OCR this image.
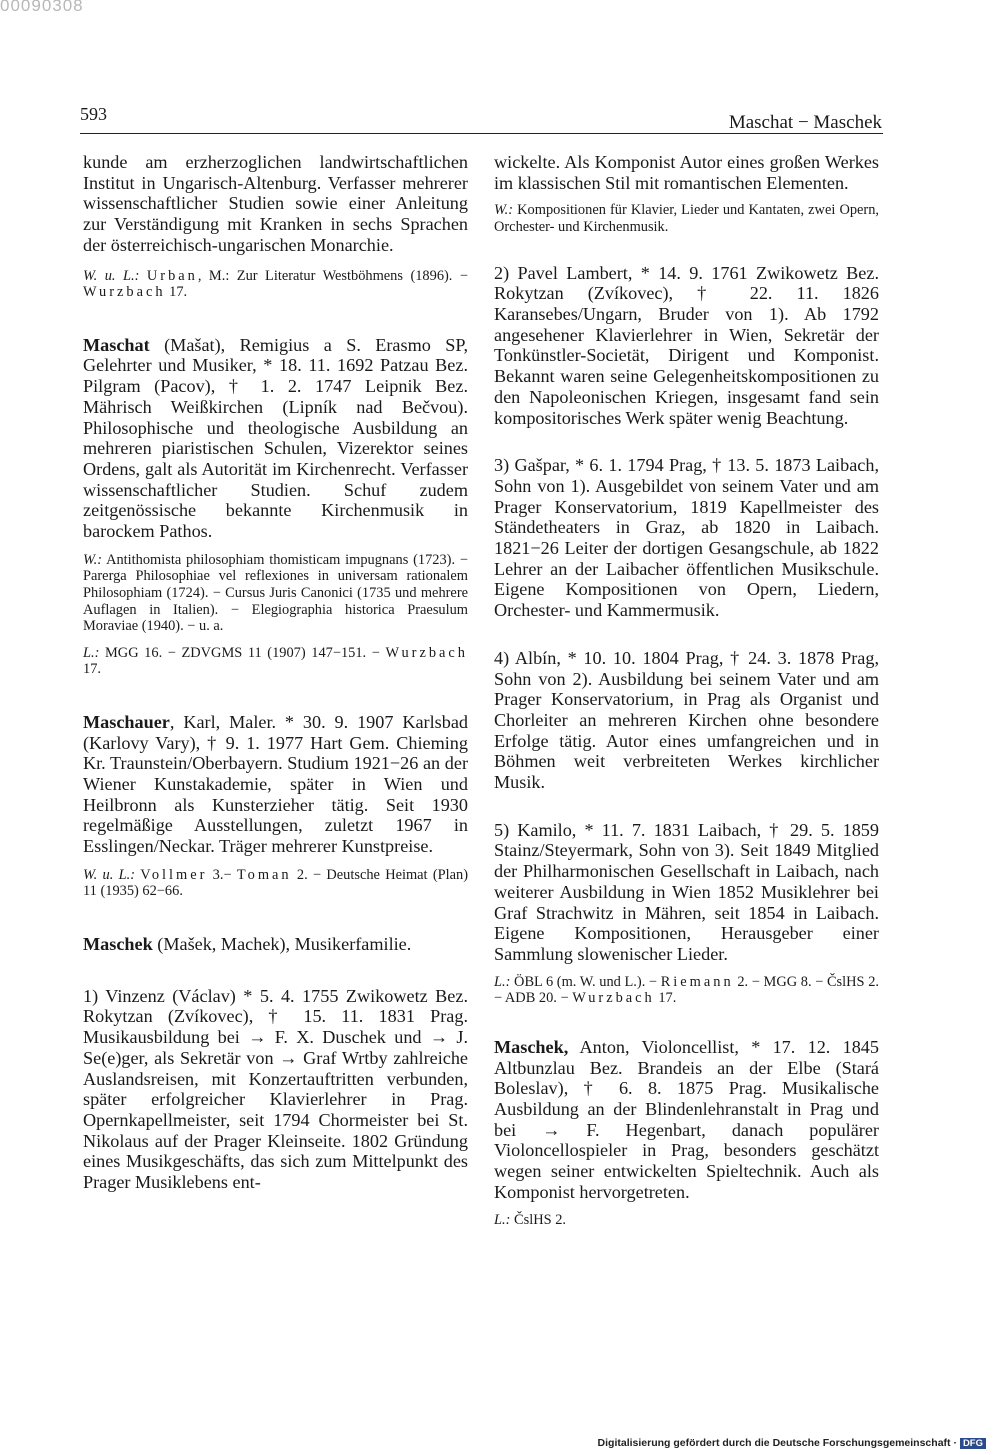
00090308
593	Maschat − Maschek

kunde am erzherzoglichen landwirtschaftlichen Institut in Ungarisch-Altenburg. Verfasser mehrerer wissenschaftlicher Studien sowie einer Anleitung zur Verständigung mit Kranken in sechs Sprachen der österreichisch-ungarischen Monarchie.

W. u. L.: Urban, M.: Zur Literatur Westböhmens (1896). − Wurzbach 17.

Maschat (Mašat), Remigius a S. Erasmo SP, Gelehrter und Musiker, * 18. 11. 1692 Patzau Bez. Pilgram (Pacov), † 1. 2. 1747 Leipnik Bez. Mährisch Weißkirchen (Lipník nad Bečvou). Philosophische und theologische Ausbildung an mehreren piaristischen Schulen, Vizerektor seines Ordens, galt als Autorität im Kirchenrecht. Verfasser wissenschaftlicher Studien. Schuf zudem zeitgenössische bekannte Kirchenmusik in barockem Pathos.

W.: Antithomista philosophiam thomisticam impugnans (1723). − Parerga Philosophiae vel reflexiones in universam rationalem Philosophiam (1724). − Cursus Juris Canonici (1735 und mehrere Auflagen in Italien). − Elegiographia historica Praesulum Moraviae (1940). − u. a.

L.: MGG 16. − ZDVGMS 11 (1907) 147−151. − Wurzbach 17.

Maschauer, Karl, Maler. * 30. 9. 1907 Karlsbad (Karlovy Vary), † 9. 1. 1977 Hart Gem. Chieming Kr. Traunstein/Oberbayern. Studium 1921−26 an der Wiener Kunstakademie, später in Wien und Heilbronn als Kunsterzieher tätig. Seit 1930 regelmäßige Ausstellungen, zuletzt 1967 in Esslingen/Neckar. Träger mehrerer Kunstpreise.

W. u. L.: Vollmer 3.− Toman 2. − Deutsche Heimat (Plan) 11 (1935) 62−66.

Maschek (Mašek, Machek), Musikerfamilie.

1) Vinzenz (Václav) * 5. 4. 1755 Zwikowetz Bez. Rokytzan (Zvíkovec), † 15. 11. 1831 Prag. Musikausbildung bei → F. X. Duschek und → J. Se(e)ger, als Sekretär von → Graf Wrtby zahlreiche Auslandsreisen, mit Konzertauftritten verbunden, später erfolgreicher Klavierlehrer in Prag. Opernkapellmeister, seit 1794 Chormeister bei St. Nikolaus auf der Prager Kleinseite. 1802 Gründung eines Musikgeschäfts, das sich zum Mittelpunkt des Prager Musiklebens ent-

wickelte. Als Komponist Autor eines großen Werkes im klassischen Stil mit romantischen Elementen.

W.: Kompositionen für Klavier, Lieder und Kantaten, zwei Opern, Orchester- und Kirchenmusik.

2) Pavel Lambert, * 14. 9. 1761 Zwikowetz Bez. Rokytzan (Zvíkovec), † 22. 11. 1826 Karansebes/Ungarn, Bruder von 1). Ab 1792 angesehener Klavierlehrer in Wien, Sekretär der Tonkünstler-Societät, Dirigent und Komponist. Bekannt waren seine Gelegenheitskompositionen zu den Napoleonischen Kriegen, insgesamt fand sein kompositorisches Werk später wenig Beachtung.

3) Gašpar, * 6. 1. 1794 Prag, † 13. 5. 1873 Laibach, Sohn von 1). Ausgebildet von seinem Vater und am Prager Konservatorium, 1819 Kapellmeister des Ständetheaters in Graz, ab 1820 in Laibach. 1821−26 Leiter der dortigen Gesangschule, ab 1822 Lehrer an der Laibacher öffentlichen Musikschule. Eigene Kompositionen von Opern, Liedern, Orchester- und Kammermusik.

4) Albín, * 10. 10. 1804 Prag, † 24. 3. 1878 Prag, Sohn von 2). Ausbildung bei seinem Vater und am Prager Konservatorium, in Prag als Organist und Chorleiter an mehreren Kirchen ohne besondere Erfolge tätig. Autor eines umfangreichen und in Böhmen weit verbreiteten Werkes kirchlicher Musik.

5) Kamilo, * 11. 7. 1831 Laibach, † 29. 5. 1859 Stainz/Steyermark, Sohn von 3). Seit 1849 Mitglied der Philharmonischen Gesellschaft in Laibach, nach weiterer Ausbildung in Wien 1852 Musiklehrer bei Graf Strachwitz in Mähren, seit 1854 in Laibach. Eigene Kompositionen, Herausgeber einer Sammlung slowenischer Lieder.

L.: ÖBL 6 (m. W. und L.). − Riemann 2. − MGG 8. − ČslHS 2. − ADB 20. − Wurzbach 17.

Maschek, Anton, Violoncellist, * 17. 12. 1845 Altbunzlau Bez. Brandeis an der Elbe (Stará Boleslav), † 6. 8. 1875 Prag. Musikalische Ausbildung an der Blindenlehranstalt in Prag und bei → F. Hegenbart, danach populärer Violoncellospieler in Prag, besonders geschätzt wegen seiner entwickelten Spieltechnik. Auch als Komponist hervorgetreten.

L.: ČslHS 2.

Digitalisierung gefördert durch die Deutsche Forschungsgemeinschaft · DFG
